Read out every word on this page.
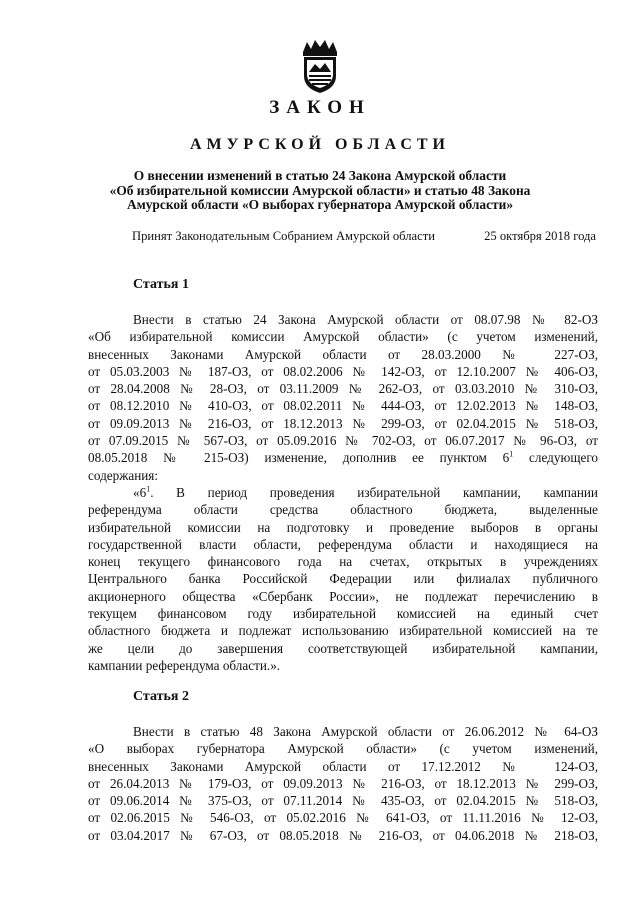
ЗАКОН
АМУРСКОЙ ОБЛАСТИ
О внесении изменений в статью 24 Закона Амурской области
«Об избирательной комиссии Амурской области» и статью 48 Закона
Амурской области «О выборах губернатора Амурской области»
Принят Законодательным Собранием Амурской области	25 октября 2018 года
Статья 1
Внести в статью 24 Закона Амурской области от 08.07.98 № 82-ОЗ
«Об избирательной комиссии Амурской области» (с учетом изменений,
внесенных Законами Амурской области от 28.03.2000 № 227-ОЗ,
от 05.03.2003 № 187-ОЗ, от 08.02.2006 № 142-ОЗ, от 12.10.2007 № 406-ОЗ,
от 28.04.2008 № 28-ОЗ, от 03.11.2009 № 262-ОЗ, от 03.03.2010 № 310-ОЗ,
от 08.12.2010 № 410-ОЗ, от 08.02.2011 № 444-ОЗ, от 12.02.2013 № 148-ОЗ,
от 09.09.2013 № 216-ОЗ, от 18.12.2013 № 299-ОЗ, от 02.04.2015 № 518-ОЗ,
от 07.09.2015 № 567-ОЗ, от 05.09.2016 № 702-ОЗ, от 06.07.2017 № 96-ОЗ, от
08.05.2018 № 215-ОЗ) изменение, дополнив ее пунктом $6^1$ следующего
содержания:
«$6^1$. В период проведения избирательной кампании, кампании
референдума области средства областного бюджета, выделенные
избирательной комиссии на подготовку и проведение выборов в органы
государственной власти области, референдума области и находящиеся на
конец текущего финансового года на счетах, открытых в учреждениях
Центрального банка Российской Федерации или филиалах публичного
акционерного общества «Сбербанк России», не подлежат перечислению в
текущем финансовом году избирательной комиссией на единый счет
областного бюджета и подлежат использованию избирательной комиссией на те
же цели до завершения соответствующей избирательной кампании,
кампании референдума области.».
Статья 2
Внести в статью 48 Закона Амурской области от 26.06.2012 № 64-ОЗ
«О выборах губернатора Амурской области» (с учетом изменений,
внесенных Законами Амурской области от 17.12.2012 № 124-ОЗ,
от 26.04.2013 № 179-ОЗ, от 09.09.2013 № 216-ОЗ, от 18.12.2013 № 299-ОЗ,
от 09.06.2014 № 375-ОЗ, от 07.11.2014 № 435-ОЗ, от 02.04.2015 № 518-ОЗ,
от 02.06.2015 № 546-ОЗ, от 05.02.2016 № 641-ОЗ, от 11.11.2016 № 12-ОЗ,
от 03.04.2017 № 67-ОЗ, от 08.05.2018 № 216-ОЗ, от 04.06.2018 № 218-ОЗ,
